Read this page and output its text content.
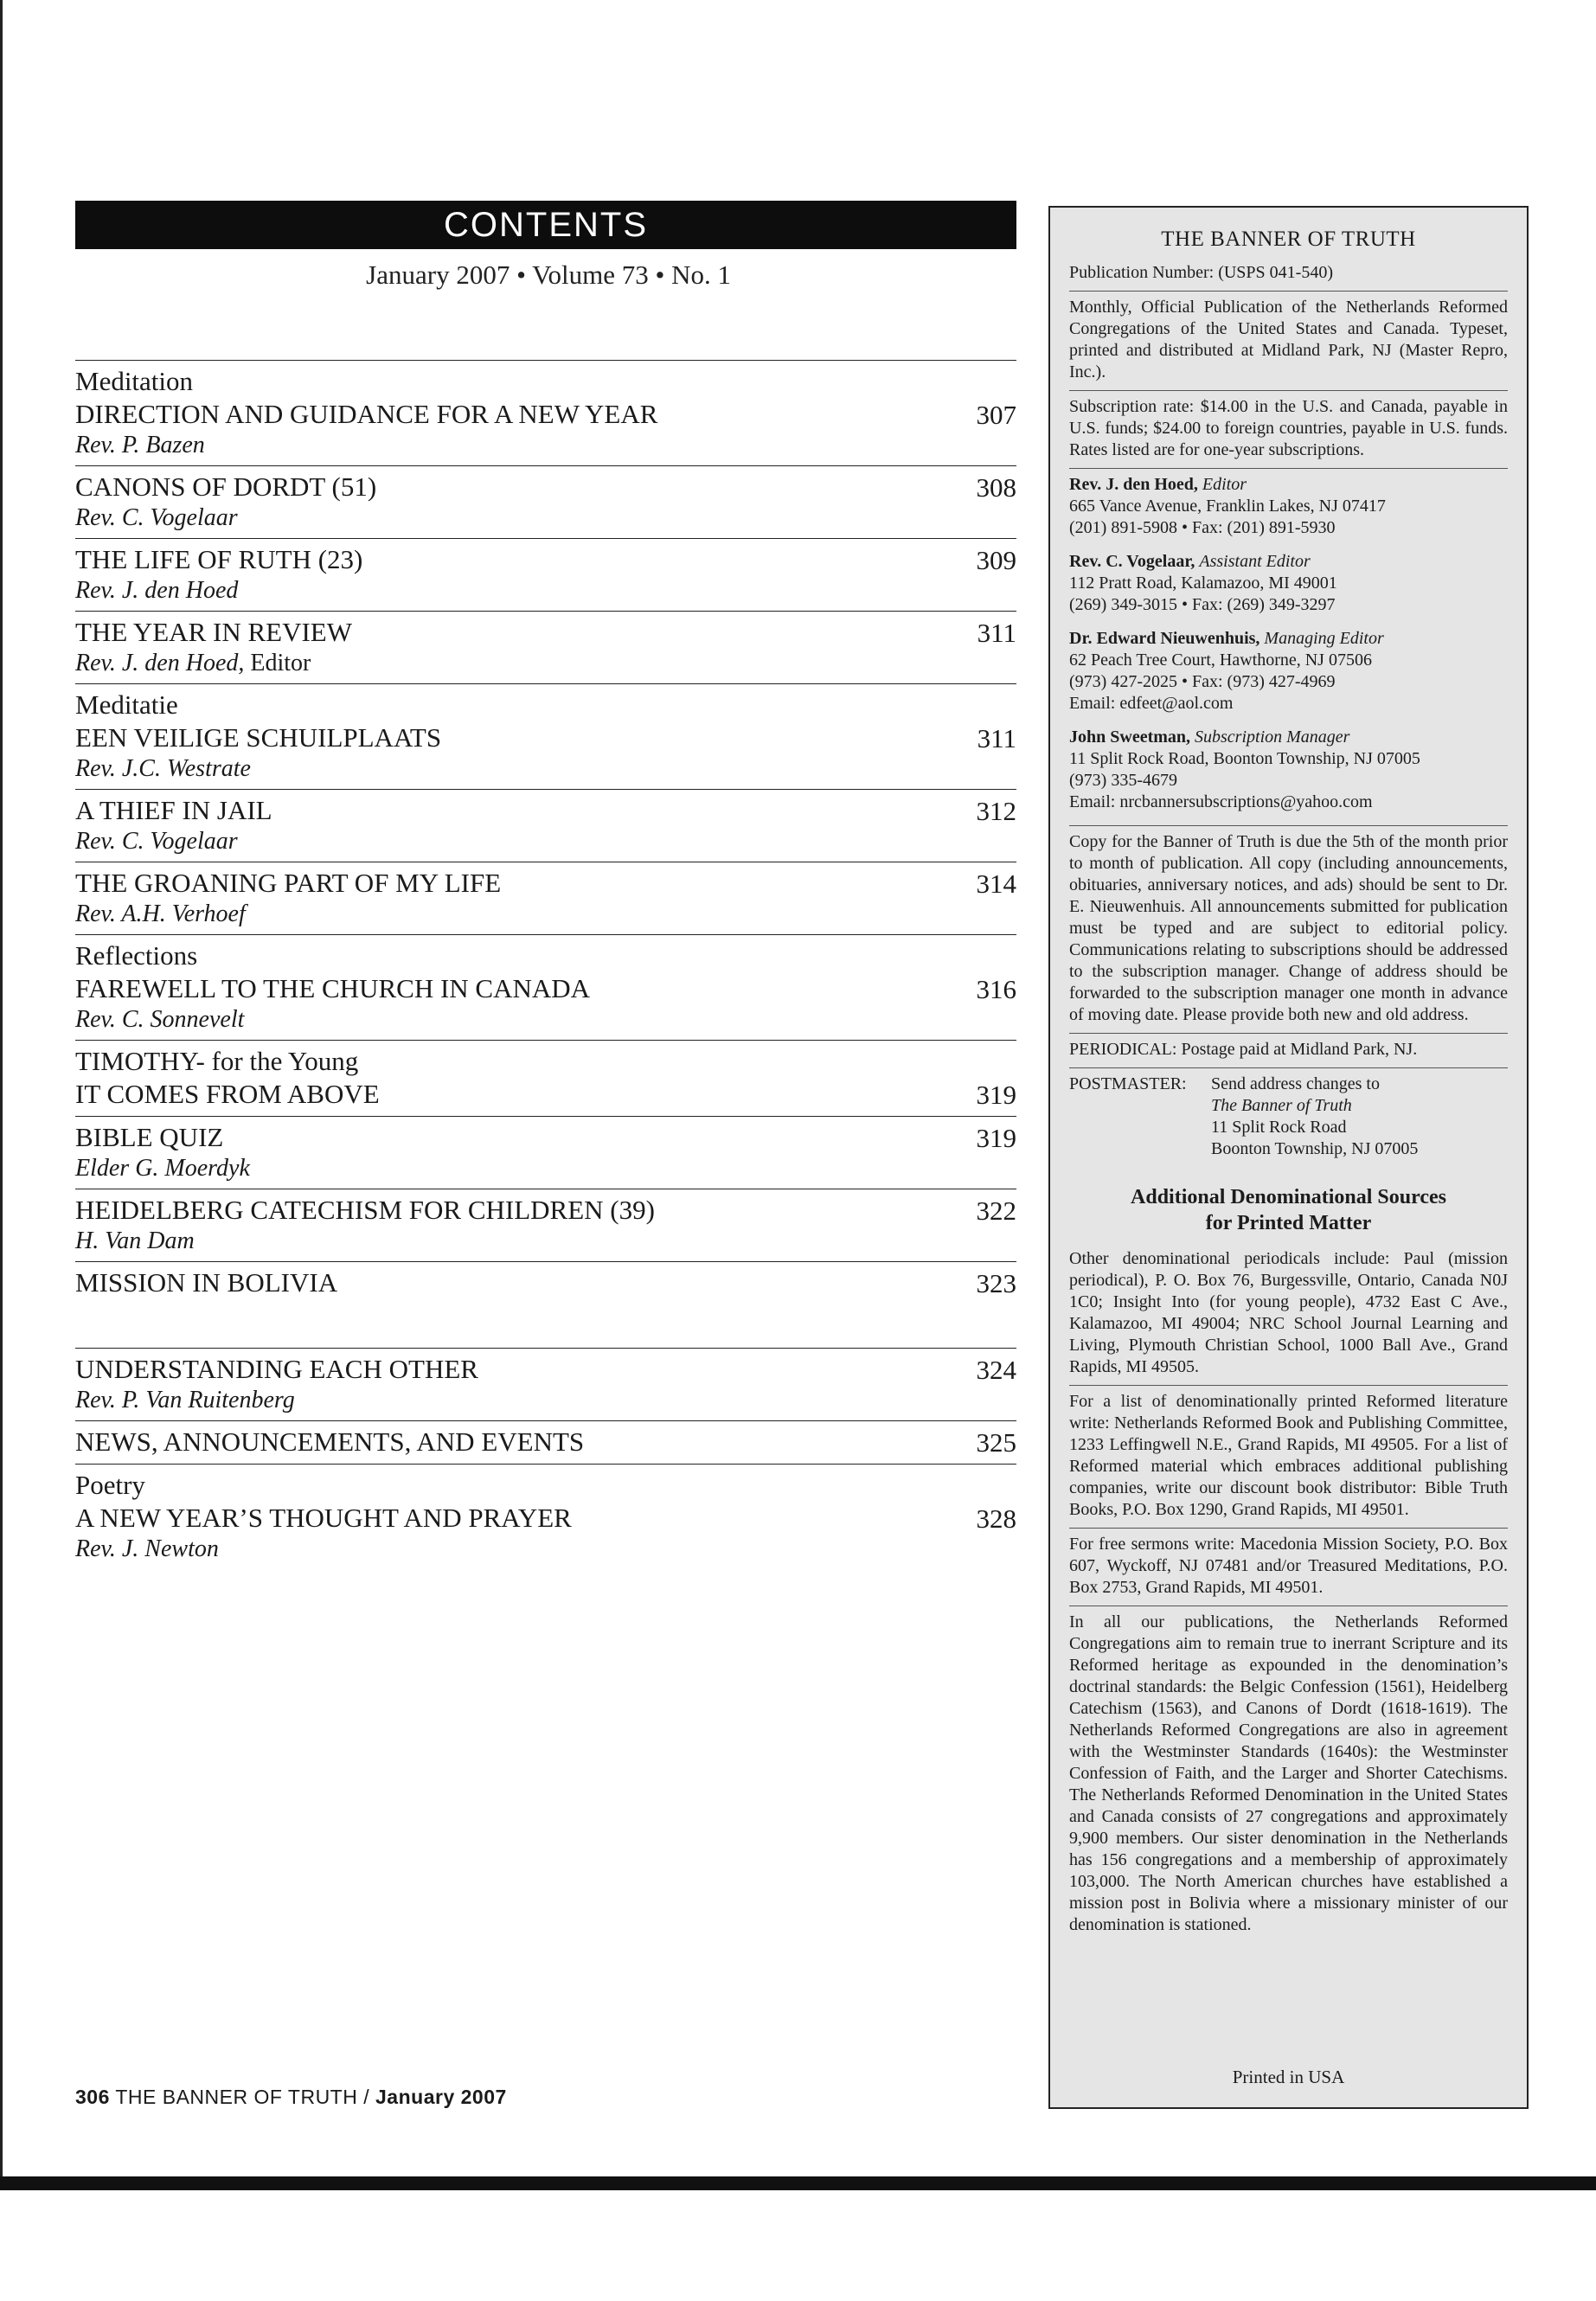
CONTENTS
January 2007 • Volume 73 • No. 1
Meditation
307
DIRECTION AND GUIDANCE FOR A NEW YEAR
Rev. P. Bazen
308
CANONS OF DORDT (51)
Rev. C. Vogelaar
309
THE LIFE OF RUTH (23)
Rev. J. den Hoed
311
THE YEAR IN REVIEW
Rev. J. den Hoed, Editor
Meditatie
311
EEN VEILIGE SCHUILPLAATS
Rev. J.C. Westrate
312
A THIEF IN JAIL
Rev. C. Vogelaar
314
THE GROANING PART OF MY LIFE
Rev. A.H. Verhoef
Reflections
316
FAREWELL TO THE CHURCH IN CANADA
Rev. C. Sonnevelt
TIMOTHY- for the Young
319
IT COMES FROM ABOVE
319
BIBLE QUIZ
Elder G. Moerdyk
322
HEIDELBERG CATECHISM FOR CHILDREN (39)
H. Van Dam
323
MISSION IN BOLIVIA
324
UNDERSTANDING EACH OTHER
Rev. P. Van Ruitenberg
325
NEWS, ANNOUNCEMENTS, AND EVENTS
Poetry
328
A NEW YEAR’S THOUGHT AND PRAYER
Rev. J. Newton
306 THE BANNER OF TRUTH / January 2007
THE BANNER OF TRUTH
Publication Number: (USPS 041-540)
Monthly, Official Publication of the Netherlands Reformed Congregations of the United States and Canada. Typeset, printed and distributed at Midland Park, NJ (Master Repro, Inc.).
Subscription rate: $14.00 in the U.S. and Canada, payable in U.S. funds; $24.00 to foreign countries, payable in U.S. funds. Rates listed are for one-year subscriptions.
Rev. J. den Hoed, Editor
665 Vance Avenue, Franklin Lakes, NJ 07417
(201) 891-5908 • Fax: (201) 891-5930
Rev. C. Vogelaar, Assistant Editor
112 Pratt Road, Kalamazoo, MI 49001
(269) 349-3015 • Fax: (269) 349-3297
Dr. Edward Nieuwenhuis, Managing Editor
62 Peach Tree Court, Hawthorne, NJ 07506
(973) 427-2025 • Fax: (973) 427-4969
Email: edfeet@aol.com
John Sweetman, Subscription Manager
11 Split Rock Road, Boonton Township, NJ 07005
(973) 335-4679
Email: nrcbannersubscriptions@yahoo.com
Copy for the Banner of Truth is due the 5th of the month prior to month of publication. All copy (including announcements, obituaries, anniversary notices, and ads) should be sent to Dr. E. Nieuwenhuis. All announcements submitted for publication must be typed and are subject to editorial policy. Communications relating to subscriptions should be addressed to the subscription manager. Change of address should be forwarded to the subscription manager one month in advance of moving date. Please provide both new and old address.
PERIODICAL: Postage paid at Midland Park, NJ.
POSTMASTER:	Send address changes to
The Banner of Truth
11 Split Rock Road
Boonton Township, NJ 07005
Additional Denominational Sources
for Printed Matter
Other denominational periodicals include: Paul (mission periodical), P. O. Box 76, Burgessville, Ontario, Canada N0J 1C0; Insight Into (for young people), 4732 East C Ave., Kalamazoo, MI 49004; NRC School Journal Learning and Living, Plymouth Christian School, 1000 Ball Ave., Grand Rapids, MI 49505.
For a list of denominationally printed Reformed literature write: Netherlands Reformed Book and Publishing Committee, 1233 Leffingwell N.E., Grand Rapids, MI 49505. For a list of Reformed material which embraces additional publishing companies, write our discount book distributor: Bible Truth Books, P.O. Box 1290, Grand Rapids, MI 49501.
For free sermons write: Macedonia Mission Society, P.O. Box 607, Wyckoff, NJ 07481 and/or Treasured Meditations, P.O. Box 2753, Grand Rapids, MI 49501.
In all our publications, the Netherlands Reformed Congregations aim to remain true to inerrant Scripture and its Reformed heritage as expounded in the denomination’s doctrinal standards: the Belgic Confession (1561), Heidelberg Catechism (1563), and Canons of Dordt (1618-1619). The Netherlands Reformed Congregations are also in agreement with the Westminster Standards (1640s): the Westminster Confession of Faith, and the Larger and Shorter Catechisms. The Netherlands Reformed Denomination in the United States and Canada consists of 27 congregations and approximately 9,900 members. Our sister denomination in the Netherlands has 156 congregations and a membership of approximately 103,000. The North American churches have established a mission post in Bolivia where a missionary minister of our denomination is stationed.
Printed in USA
